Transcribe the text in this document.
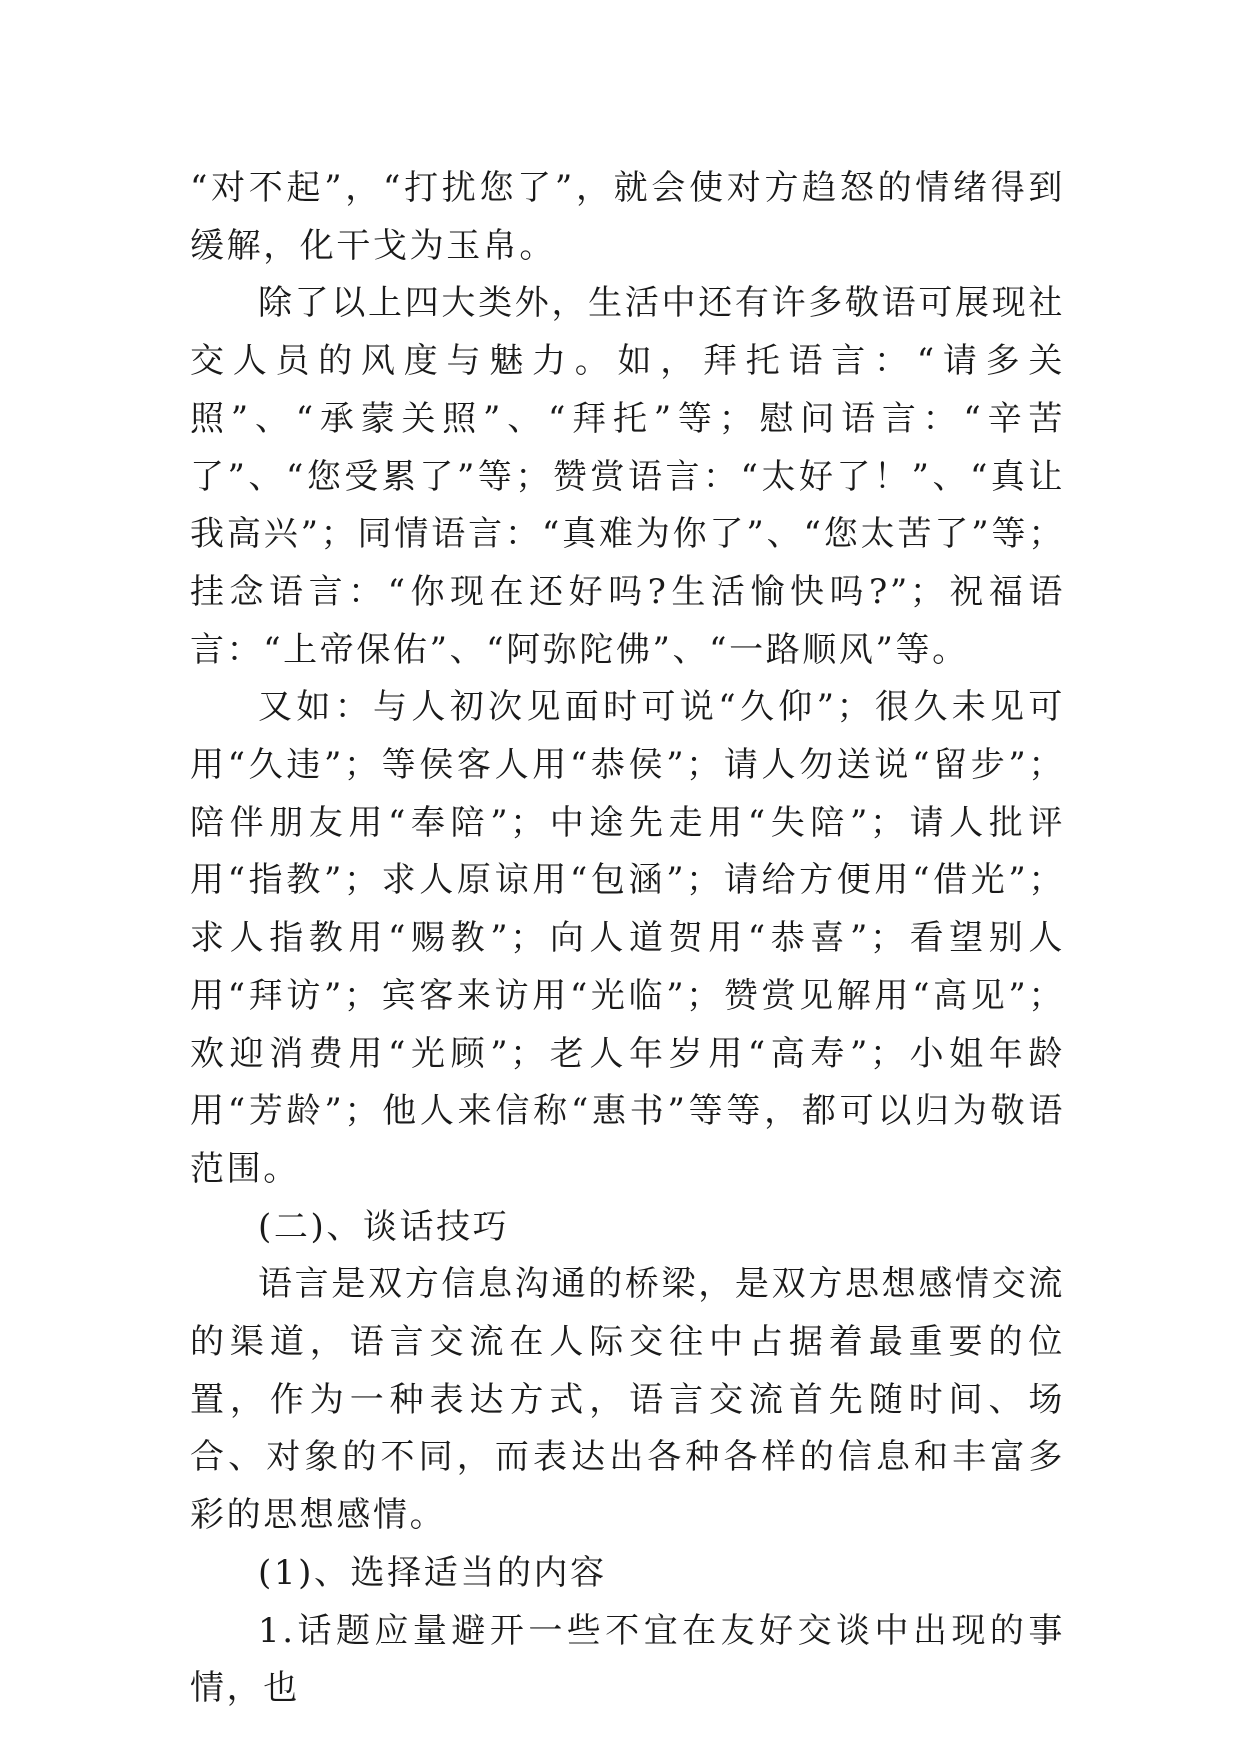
“对不起”，“打扰您了”，就会使对方趋怒的情绪得到缓解，化干戈为玉帛。

除了以上四大类外，生活中还有许多敬语可展现社交人员的风度与魅力。如，拜托语言：“请多关照”、“承蒙关照”、“拜托”等；慰问语言：“辛苦了”、“您受累了”等；赞赏语言：“太好了！”、“真让我高兴”；同情语言：“真难为你了”、“您太苦了”等；挂念语言：“你现在还好吗?生活愉快吗?”；祝福语言：“上帝保佑”、“阿弥陀佛”、“一路顺风”等。

又如：与人初次见面时可说“久仰”；很久未见可用“久违”；等侯客人用“恭侯”；请人勿送说“留步”；陪伴朋友用“奉陪”；中途先走用“失陪”；请人批评用“指教”；求人原谅用“包涵”；请给方便用“借光”；求人指教用“赐教”；向人道贺用“恭喜”；看望别人用“拜访”；宾客来访用“光临”；赞赏见解用“高见”；欢迎消费用“光顾”；老人年岁用“高寿”；小姐年龄用“芳龄”；他人来信称“惠书”等等，都可以归为敬语范围。

(二)、谈话技巧

语言是双方信息沟通的桥梁，是双方思想感情交流的渠道，语言交流在人际交往中占据着最重要的位置，作为一种表达方式，语言交流首先随时间、场合、对象的不同，而表达出各种各样的信息和丰富多彩的思想感情。

(1)、选择适当的内容

1.话题应量避开一些不宜在友好交谈中出现的事情，也
